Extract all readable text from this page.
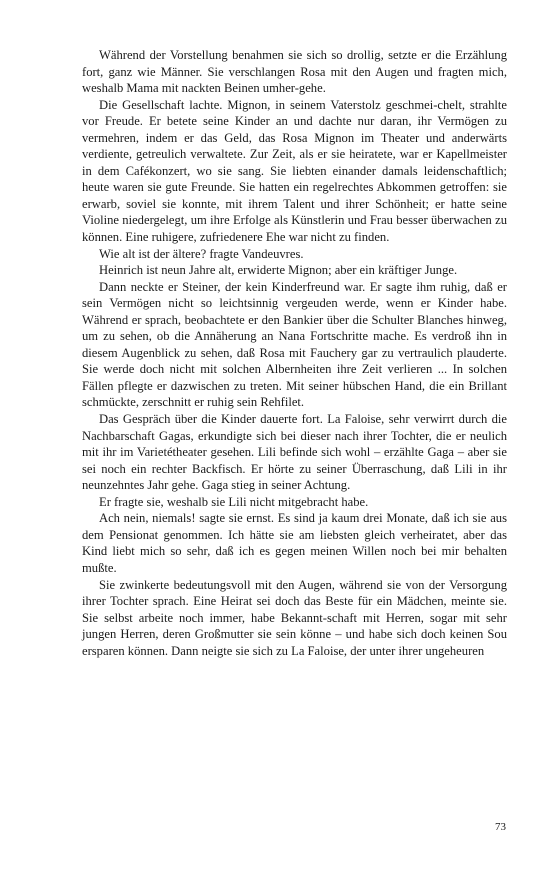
Während der Vorstellung benahmen sie sich so drollig, setzte er die Erzählung fort, ganz wie Männer. Sie verschlangen Rosa mit den Augen und fragten mich, weshalb Mama mit nackten Beinen umher-gehe.

Die Gesellschaft lachte. Mignon, in seinem Vaterstolz geschmei-chelt, strahlte vor Freude. Er betete seine Kinder an und dachte nur daran, ihr Vermögen zu vermehren, indem er das Geld, das Rosa Mignon im Theater und anderwärts verdiente, getreulich verwaltete. Zur Zeit, als er sie heiratete, war er Kapellmeister in dem Cafékonzert, wo sie sang. Sie liebten einander damals leidenschaftlich; heute waren sie gute Freunde. Sie hatten ein regelrechtes Abkommen getroffen: sie erwarb, soviel sie konnte, mit ihrem Talent und ihrer Schönheit; er hatte seine Violine niedergelegt, um ihre Erfolge als Künstlerin und Frau besser überwachen zu können. Eine ruhigere, zufriedenere Ehe war nicht zu finden.

Wie alt ist der ältere? fragte Vandeuvres.

Heinrich ist neun Jahre alt, erwiderte Mignon; aber ein kräftiger Junge.

Dann neckte er Steiner, der kein Kinderfreund war. Er sagte ihm ruhig, daß er sein Vermögen nicht so leichtsinnig vergeuden werde, wenn er Kinder habe. Während er sprach, beobachtete er den Bankier über die Schulter Blanches hinweg, um zu sehen, ob die Annäherung an Nana Fortschritte mache. Es verdroß ihn in diesem Augenblick zu sehen, daß Rosa mit Fauchery gar zu vertraulich plauderte. Sie werde doch nicht mit solchen Albernheiten ihre Zeit verlieren ... In solchen Fällen pflegte er dazwischen zu treten. Mit seiner hübschen Hand, die ein Brillant schmückte, zerschnitt er ruhig sein Rehfilet.

Das Gespräch über die Kinder dauerte fort. La Faloise, sehr verwirrt durch die Nachbarschaft Gagas, erkundigte sich bei dieser nach ihrer Tochter, die er neulich mit ihr im Varietétheater gesehen. Lili befinde sich wohl – erzählte Gaga – aber sie sei noch ein rechter Backfisch. Er hörte zu seiner Überraschung, daß Lili in ihr neunzehntes Jahr gehe. Gaga stieg in seiner Achtung.

Er fragte sie, weshalb sie Lili nicht mitgebracht habe.

Ach nein, niemals! sagte sie ernst. Es sind ja kaum drei Monate, daß ich sie aus dem Pensionat genommen. Ich hätte sie am liebsten gleich verheiratet, aber das Kind liebt mich so sehr, daß ich es gegen meinen Willen noch bei mir behalten mußte.

Sie zwinkerte bedeutungsvoll mit den Augen, während sie von der Versorgung ihrer Tochter sprach. Eine Heirat sei doch das Beste für ein Mädchen, meinte sie. Sie selbst arbeite noch immer, habe Bekannt-schaft mit Herren, sogar mit sehr jungen Herren, deren Großmutter sie sein könne – und habe sich doch keinen Sou ersparen können. Dann neigte sie sich zu La Faloise, der unter ihrer ungeheuren

73
